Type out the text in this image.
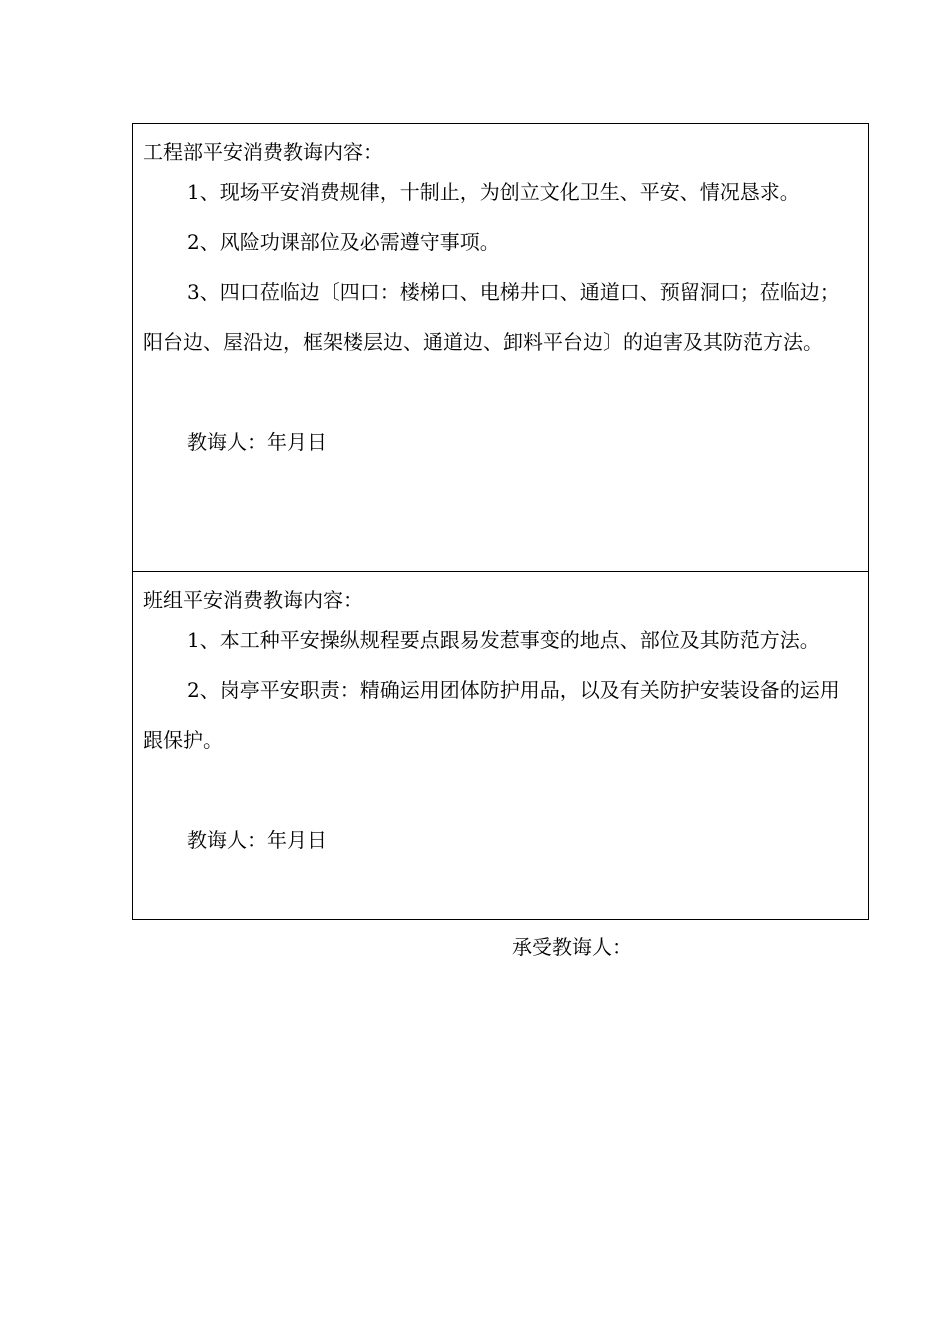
工程部平安消费教诲内容：

1、现场平安消费规律，十制止，为创立文化卫生、平安、情况恳求。

2、风险功课部位及必需遵守事项。

3、四口莅临边〔四口：楼梯口、电梯井口、通道口、预留洞口；莅临边；阳台边、屋沿边，框架楼层边、通道边、卸料平台边〕的迫害及其防范方法。

教诲人：年月日

班组平安消费教诲内容：

1、本工种平安操纵规程要点跟易发惹事变的地点、部位及其防范方法。

2、岗亭平安职责：精确运用团体防护用品，以及有关防护安装设备的运用跟保护。

教诲人：年月日

承受教诲人：
